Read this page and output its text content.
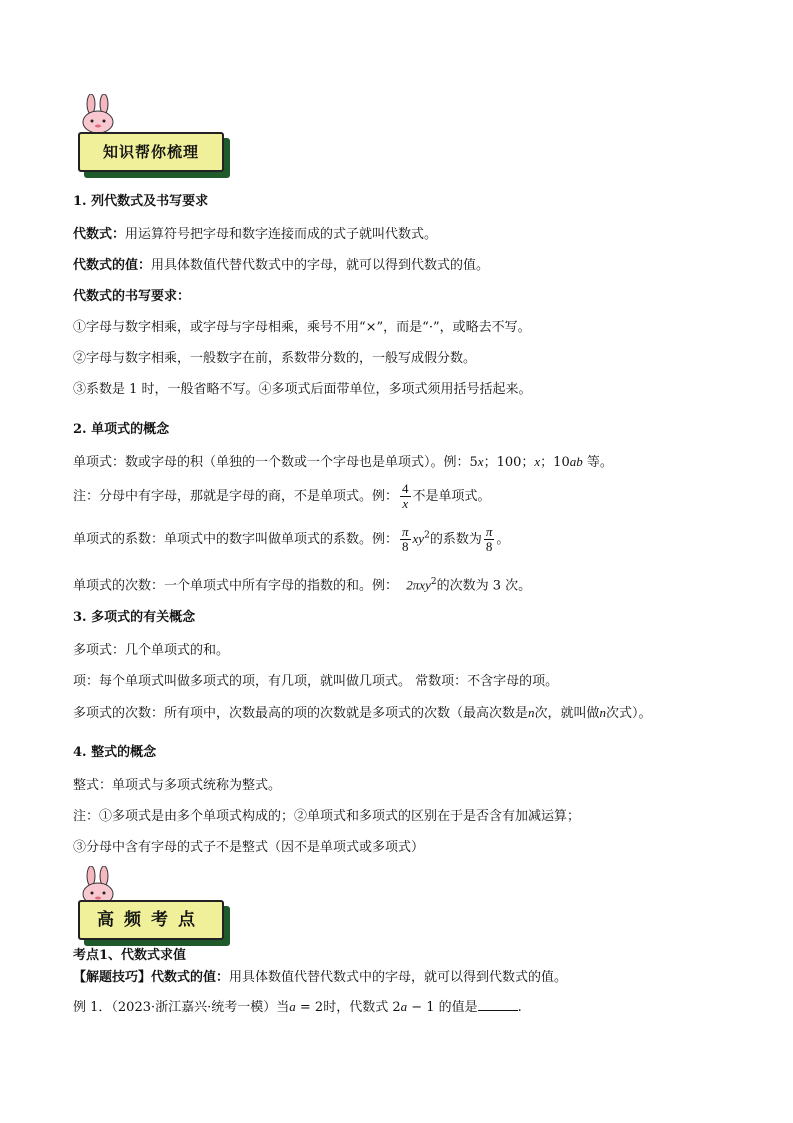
知识帮你梳理
1. 列代数式及书写要求
代数式：用运算符号把字母和数字连接而成的式子就叫代数式。
代数式的值：用具体数值代替代数式中的字母，就可以得到代数式的值。
代数式的书写要求：
①字母与数字相乘，或字母与字母相乘，乘号不用“×”，而是“·”，或略去不写。
②字母与数字相乘，一般数字在前，系数带分数的，一般写成假分数。
③系数是 1 时，一般省略不写。④多项式后面带单位，多项式须用括号括起来。
2. 单项式的概念
单项式：数或字母的积（单独的一个数或一个字母也是单项式）。例：5x；100；x；10ab 等。
注：分母中有字母，那就是字母的商，不是单项式。例： $\frac{4}{x}$ 不是单项式。
单项式的系数：单项式中的数字叫做单项式的系数。例： $\frac{\pi}{8} xy^2$的系数为 $\frac{\pi}{8}$ 。
单项式的次数：一个单项式中所有字母的指数的和。例： 2πxy$^2$的次数为 3 次。
3. 多项式的有关概念
多项式：几个单项式的和。
项：每个单项式叫做多项式的项，有几项，就叫做几项式。 常数项：不含字母的项。
多项式的次数：所有项中，次数最高的项的次数就是多项式的次数（最高次数是n次，就叫做n次式）。
4. 整式的概念
整式：单项式与多项式统称为整式。
注：①多项式是由多个单项式构成的；②单项式和多项式的区别在于是否含有加减运算；
③分母中含有字母的式子不是整式（因不是单项式或多项式）
高频考点
考点1、代数式求值
【解题技巧】代数式的值：用具体数值代替代数式中的字母，就可以得到代数式的值。
例 1．（2023·浙江嘉兴·统考一模）当a = 2时，代数式 2a − 1 的值是	.
